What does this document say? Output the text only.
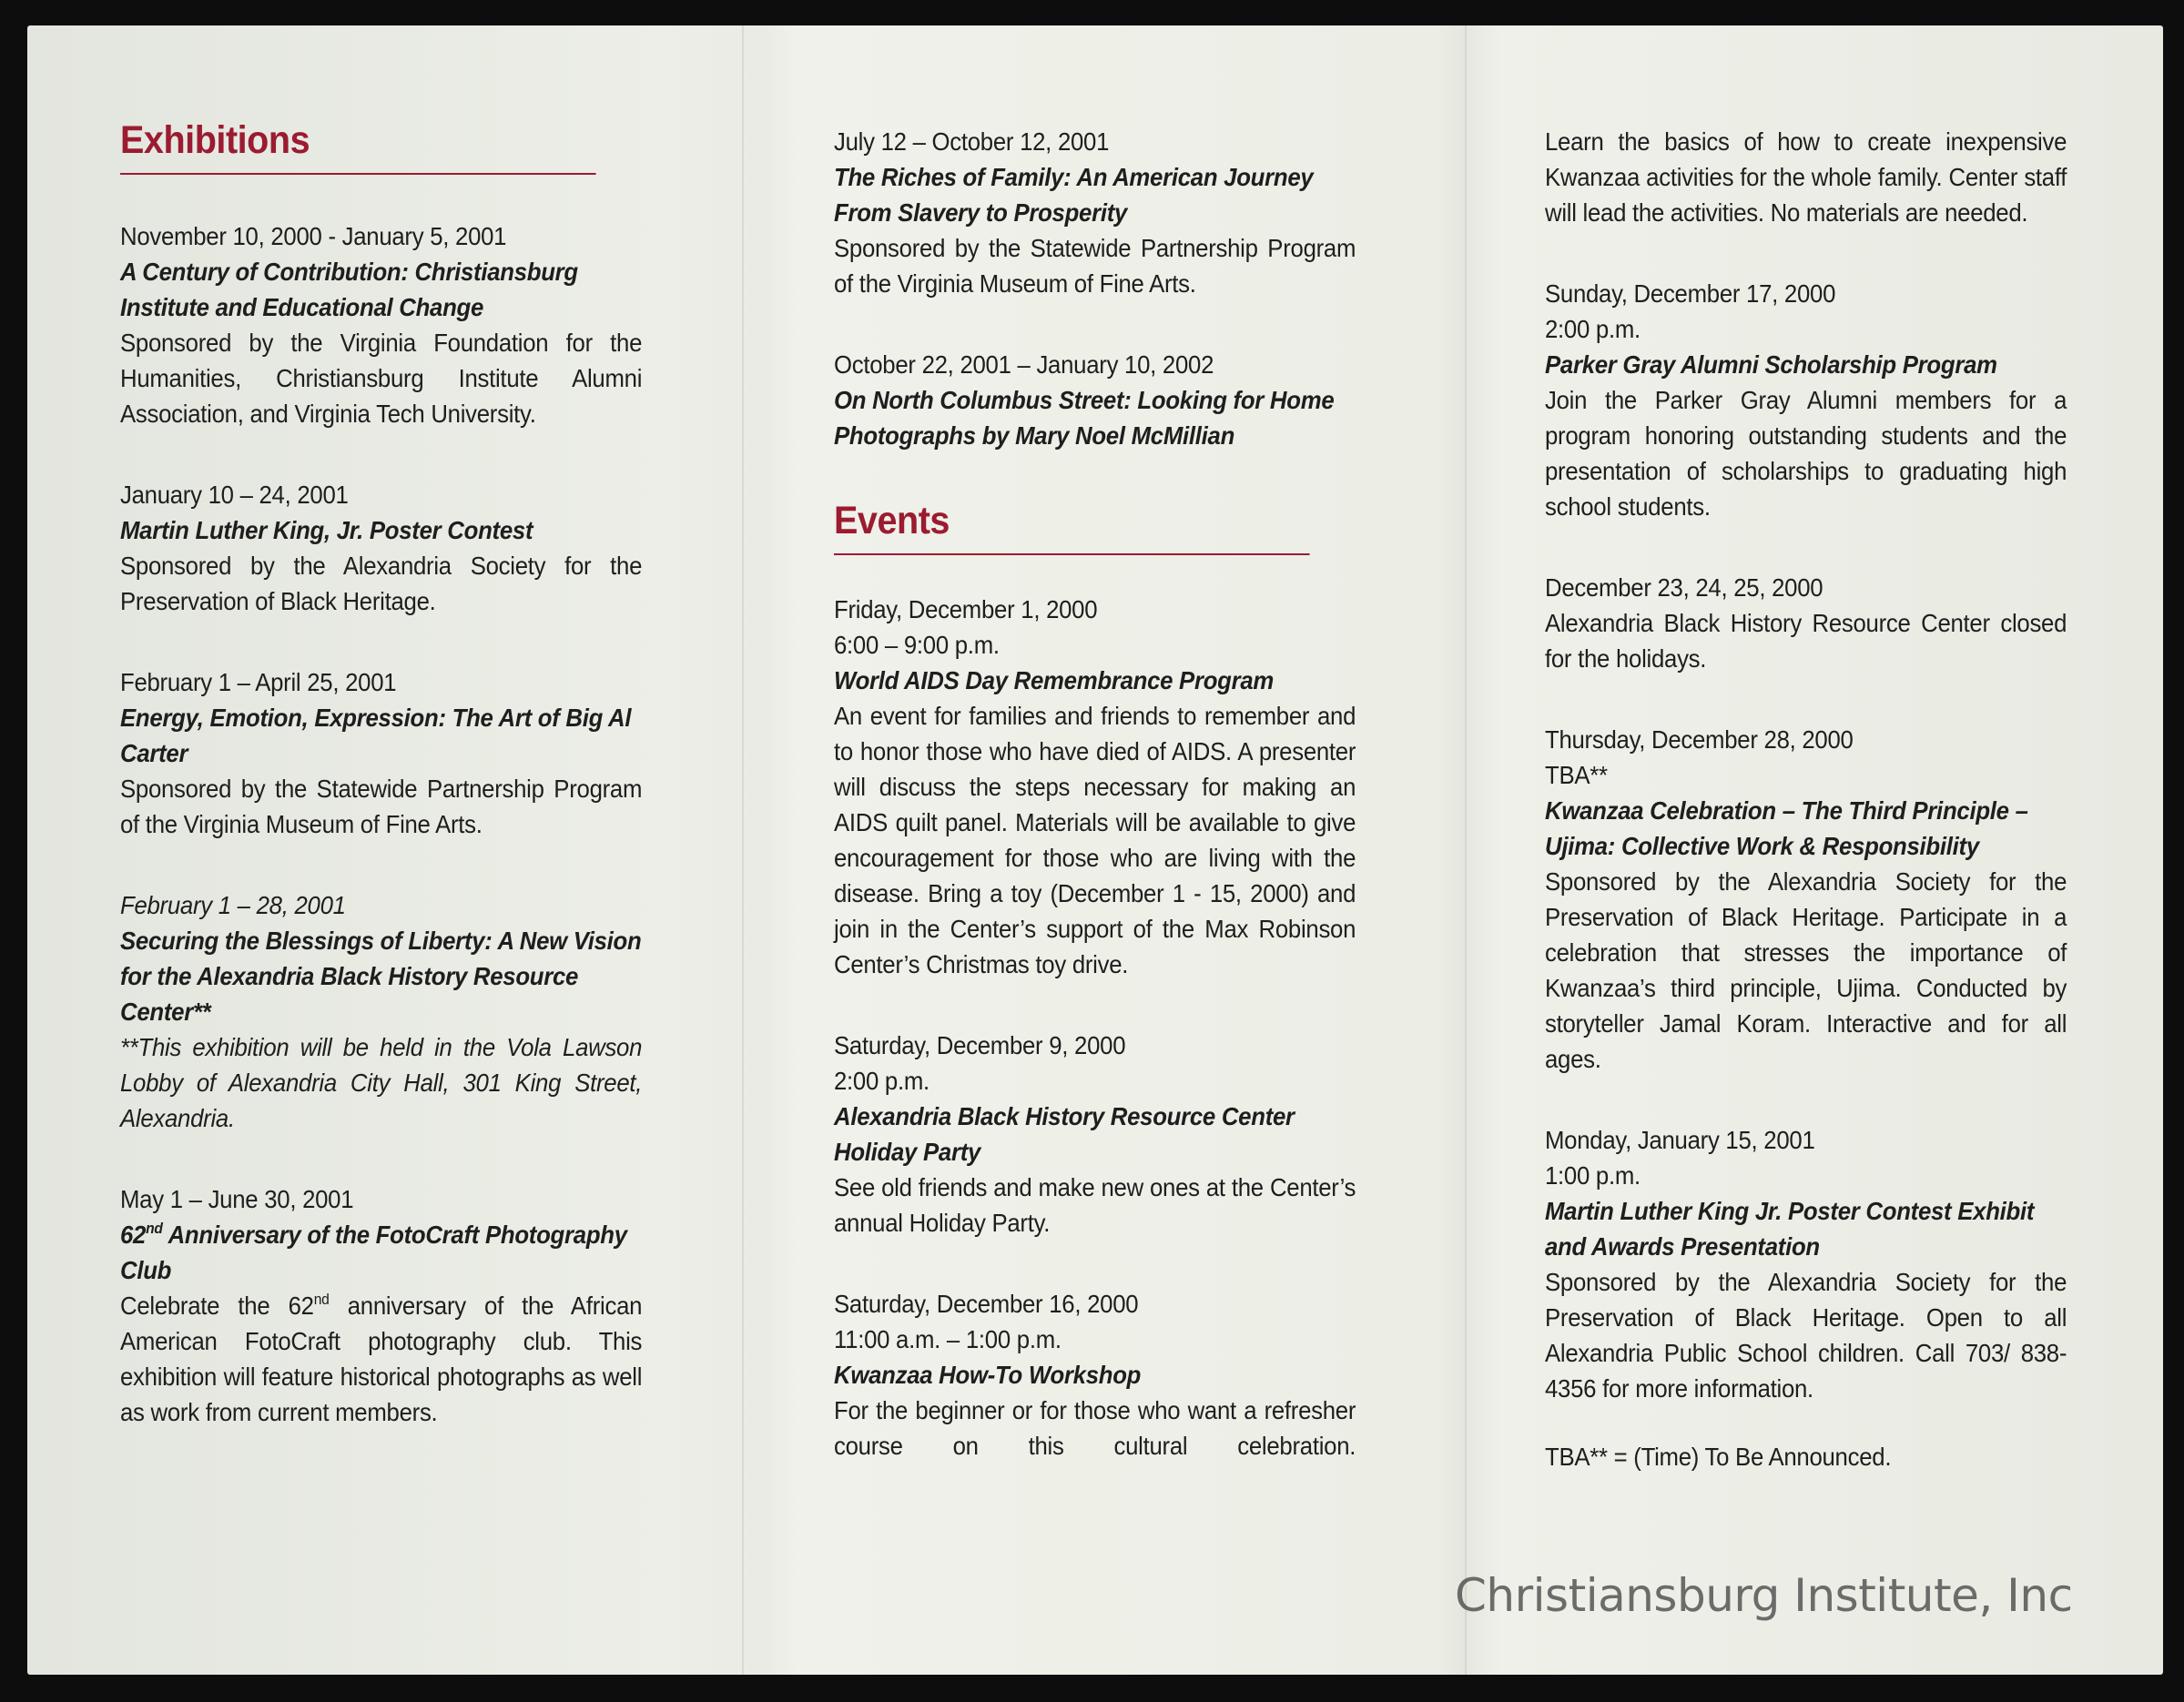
Exhibitions

November 10, 2000 - January 5, 2001

A Century of Contribution: Christiansburg Institute and Educational Change

Sponsored by the Virginia Foundation for the Humanities, Christiansburg Institute Alumni Association, and Virginia Tech University.

January 10 – 24, 2001

Martin Luther King, Jr. Poster Contest

Sponsored by the Alexandria Society for the Preservation of Black Heritage.

February 1 – April 25, 2001

Energy, Emotion, Expression: The Art of Big Al Carter

Sponsored by the Statewide Partnership Program of the Virginia Museum of Fine Arts.

February 1 – 28, 2001

Securing the Blessings of Liberty: A New Vision for the Alexandria Black History Resource Center**

**This exhibition will be held in the Vola Lawson Lobby of Alexandria City Hall, 301 King Street, Alexandria.

May 1 – June 30, 2001

62nd Anniversary of the FotoCraft Photography Club

Celebrate the 62nd anniversary of the African American FotoCraft photography club. This exhibition will feature historical photographs as well as work from current members.

July 12 – October 12, 2001

The Riches of Family: An American Journey From Slavery to Prosperity

Sponsored by the Statewide Partnership Program of the Virginia Museum of Fine Arts.

October 22, 2001 – January 10, 2002

On North Columbus Street: Looking for Home

Photographs by Mary Noel McMillian

Events

Friday, December 1, 2000

6:00 – 9:00 p.m.

World AIDS Day Remembrance Program

An event for families and friends to remember and to honor those who have died of AIDS. A presenter will discuss the steps necessary for making an AIDS quilt panel. Materials will be available to give encouragement for those who are living with the disease. Bring a toy (December 1 - 15, 2000) and join in the Center’s support of the Max Robinson Center’s Christmas toy drive.

Saturday, December 9, 2000

2:00 p.m.

Alexandria Black History Resource Center Holiday Party

See old friends and make new ones at the Center’s annual Holiday Party.

Saturday, December 16, 2000

11:00 a.m. – 1:00 p.m.

Kwanzaa How-To Workshop

For the beginner or for those who want a refresher course on this cultural celebration.

Learn the basics of how to create inexpensive Kwanzaa activities for the whole family. Center staff will lead the activities. No materials are needed.

Sunday, December 17, 2000

2:00 p.m.

Parker Gray Alumni Scholarship Program

Join the Parker Gray Alumni members for a program honoring outstanding students and the presentation of scholarships to graduating high school students.

December 23, 24, 25, 2000

Alexandria Black History Resource Center closed for the holidays.

Thursday, December 28, 2000

TBA**

Kwanzaa Celebration – The Third Principle – Ujima: Collective Work & Responsibility

Sponsored by the Alexandria Society for the Preservation of Black Heritage. Participate in a celebration that stresses the importance of Kwanzaa’s third principle, Ujima. Conducted by storyteller Jamal Koram. Interactive and for all ages.

Monday, January 15, 2001

1:00 p.m.

Martin Luther King Jr. Poster Contest Exhibit and Awards Presentation

Sponsored by the Alexandria Society for the Preservation of Black Heritage. Open to all Alexandria Public School children. Call 703/ 838-4356 for more information.

TBA** = (Time) To Be Announced.

Christiansburg Institute, Inc
